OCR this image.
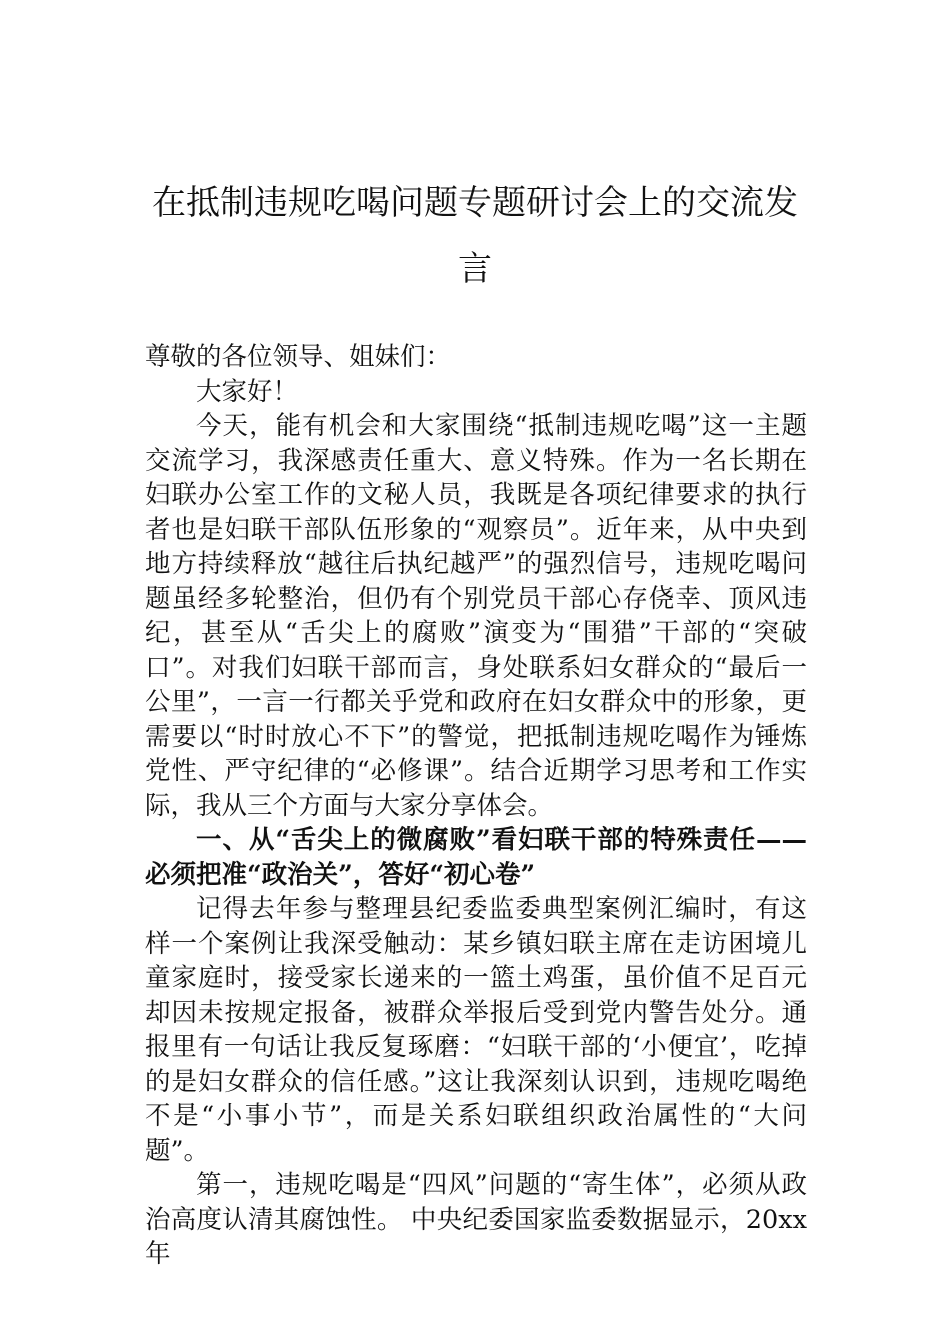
在抵制违规吃喝问题专题研讨会上的交流发言

尊敬的各位领导、姐妹们：

大家好！

今天，能有机会和大家围绕“抵制违规吃喝”这一主题交流学习，我深感责任重大、意义特殊。作为一名长期在妇联办公室工作的文秘人员，我既是各项纪律要求的执行者也是妇联干部队伍形象的“观察员”。近年来，从中央到地方持续释放“越往后执纪越严”的强烈信号，违规吃喝问题虽经多轮整治，但仍有个别党员干部心存侥幸、顶风违纪，甚至从“舌尖上的腐败”演变为“围猎”干部的“突破口”。对我们妇联干部而言，身处联系妇女群众的“最后一公里”，一言一行都关乎党和政府在妇女群众中的形象，更需要以“时时放心不下”的警觉，把抵制违规吃喝作为锤炼党性、严守纪律的“必修课”。结合近期学习思考和工作实际，我从三个方面与大家分享体会。

一、从“舌尖上的微腐败”看妇联干部的特殊责任——必须把准“政治关”，答好“初心卷”

记得去年参与整理县纪委监委典型案例汇编时，有这样一个案例让我深受触动：某乡镇妇联主席在走访困境儿童家庭时，接受家长递来的一篮土鸡蛋，虽价值不足百元却因未按规定报备，被群众举报后受到党内警告处分。通报里有一句话让我反复琢磨：“妇联干部的‘小便宜’，吃掉的是妇女群众的信任感。”这让我深刻认识到，违规吃喝绝不是“小事小节”，而是关系妇联组织政治属性的“大问题”。

第一，违规吃喝是“四风”问题的“寄生体”，必须从政治高度认清其腐蚀性。 中央纪委国家监委数据显示，20xx 年
